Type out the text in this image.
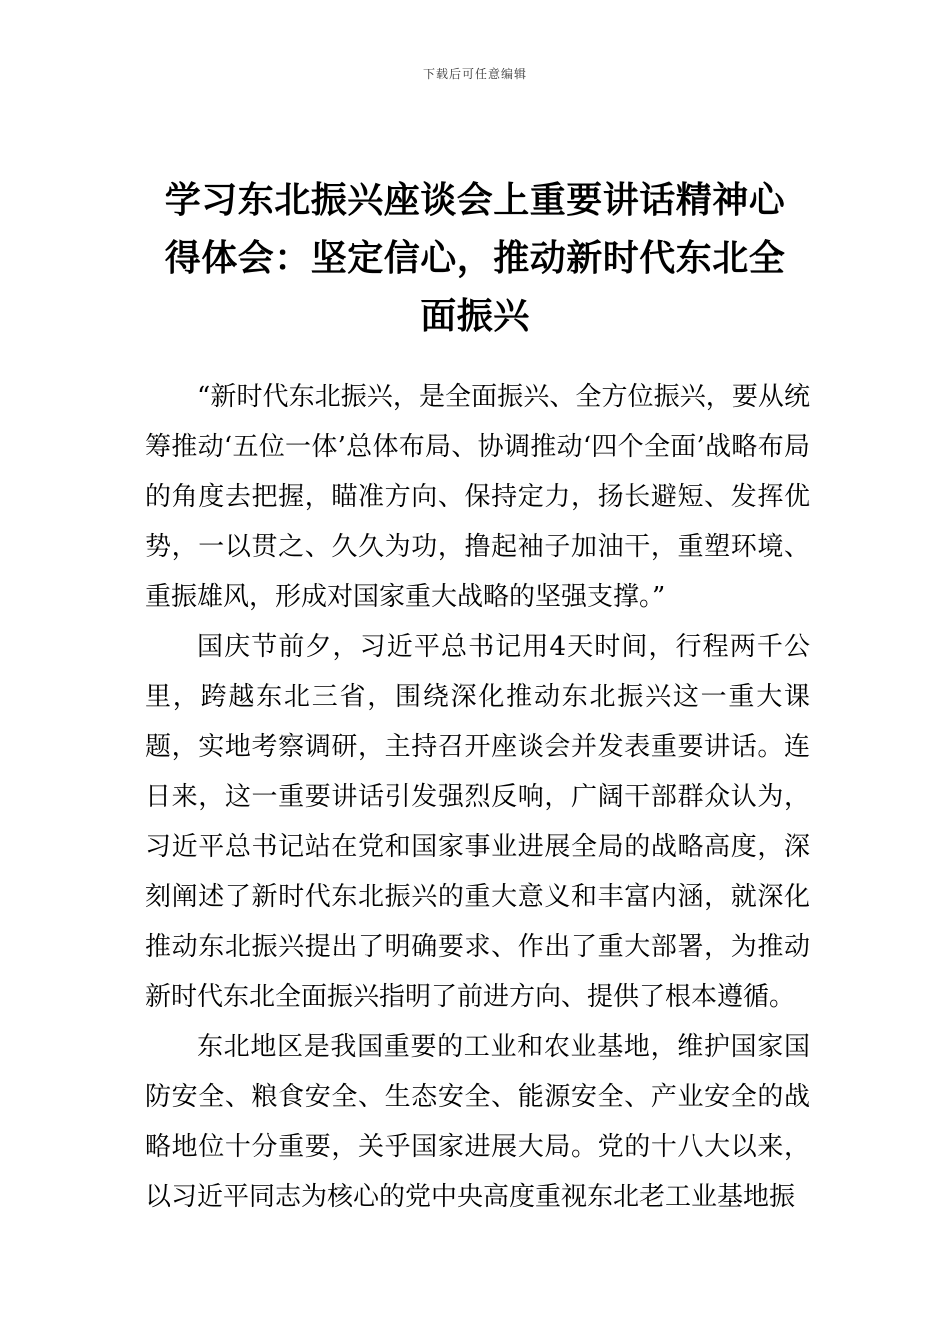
下载后可任意编辑
学习东北振兴座谈会上重要讲话精神心得体会：坚定信心，推动新时代东北全面振兴

“新时代东北振兴，是全面振兴、全方位振兴，要从统筹推动‘五位一体’总体布局、协调推动‘四个全面’战略布局的角度去把握，瞄准方向、保持定力，扬长避短、发挥优势，一以贯之、久久为功，撸起袖子加油干，重塑环境、重振雄风，形成对国家重大战略的坚强支撑。”

国庆节前夕，习近平总书记用4天时间，行程两千公里，跨越东北三省，围绕深化推动东北振兴这一重大课题，实地考察调研，主持召开座谈会并发表重要讲话。连日来，这一重要讲话引发强烈反响，广阔干部群众认为，习近平总书记站在党和国家事业进展全局的战略高度，深刻阐述了新时代东北振兴的重大意义和丰富内涵，就深化推动东北振兴提出了明确要求、作出了重大部署，为推动新时代东北全面振兴指明了前进方向、提供了根本遵循。

东北地区是我国重要的工业和农业基地，维护国家国防安全、粮食安全、生态安全、能源安全、产业安全的战略地位十分重要，关乎国家进展大局。党的十八大以来，以习近平同志为核心的党中央高度重视东北老工业基地振
